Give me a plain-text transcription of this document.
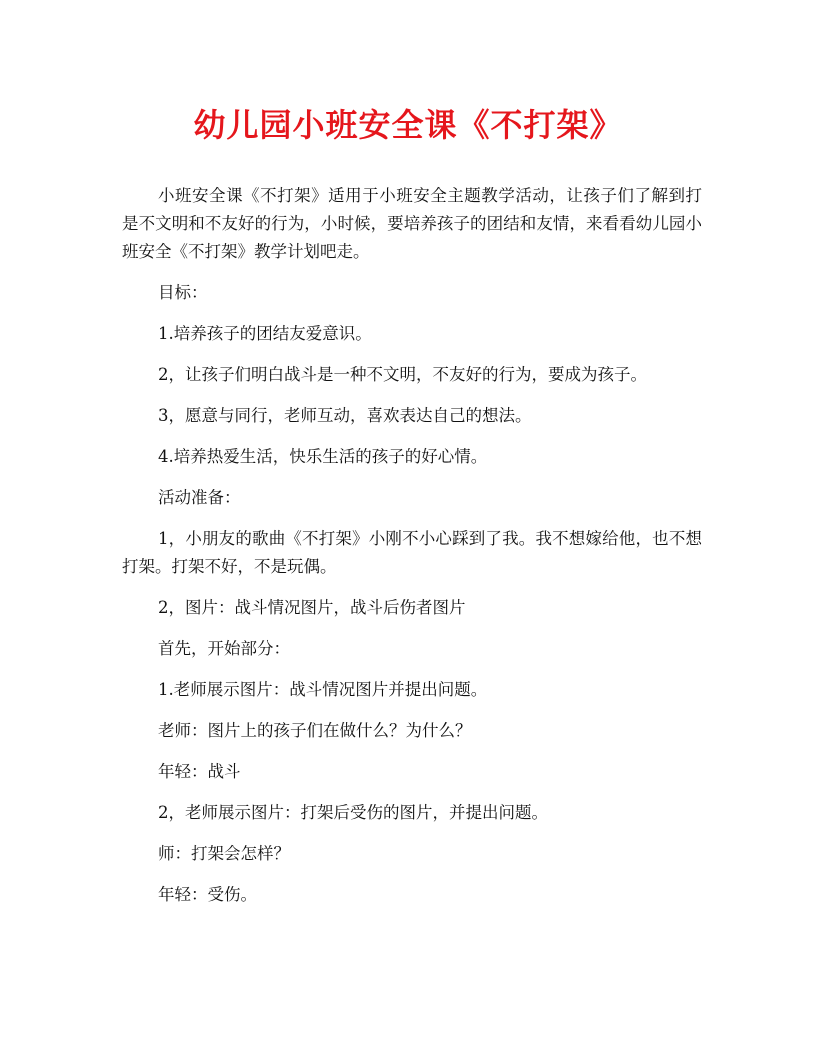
幼儿园小班安全课《不打架》

小班安全课《不打架》适用于小班安全主题教学活动，让孩子们了解到打是不文明和不友好的行为，小时候，要培养孩子的团结和友情，来看看幼儿园小班安全《不打架》教学计划吧走。

目标：

1.培养孩子的团结友爱意识。

2，让孩子们明白战斗是一种不文明，不友好的行为，要成为孩子。

3，愿意与同行，老师互动，喜欢表达自己的想法。

4.培养热爱生活，快乐生活的孩子的好心情。

活动准备：

1，小朋友的歌曲《不打架》小刚不小心踩到了我。我不想嫁给他，也不想打架。打架不好，不是玩偶。

2，图片：战斗情况图片，战斗后伤者图片

首先，开始部分：

1.老师展示图片：战斗情况图片并提出问题。

老师：图片上的孩子们在做什么？为什么？

年轻：战斗

2，老师展示图片：打架后受伤的图片，并提出问题。

师：打架会怎样？

年轻：受伤。
